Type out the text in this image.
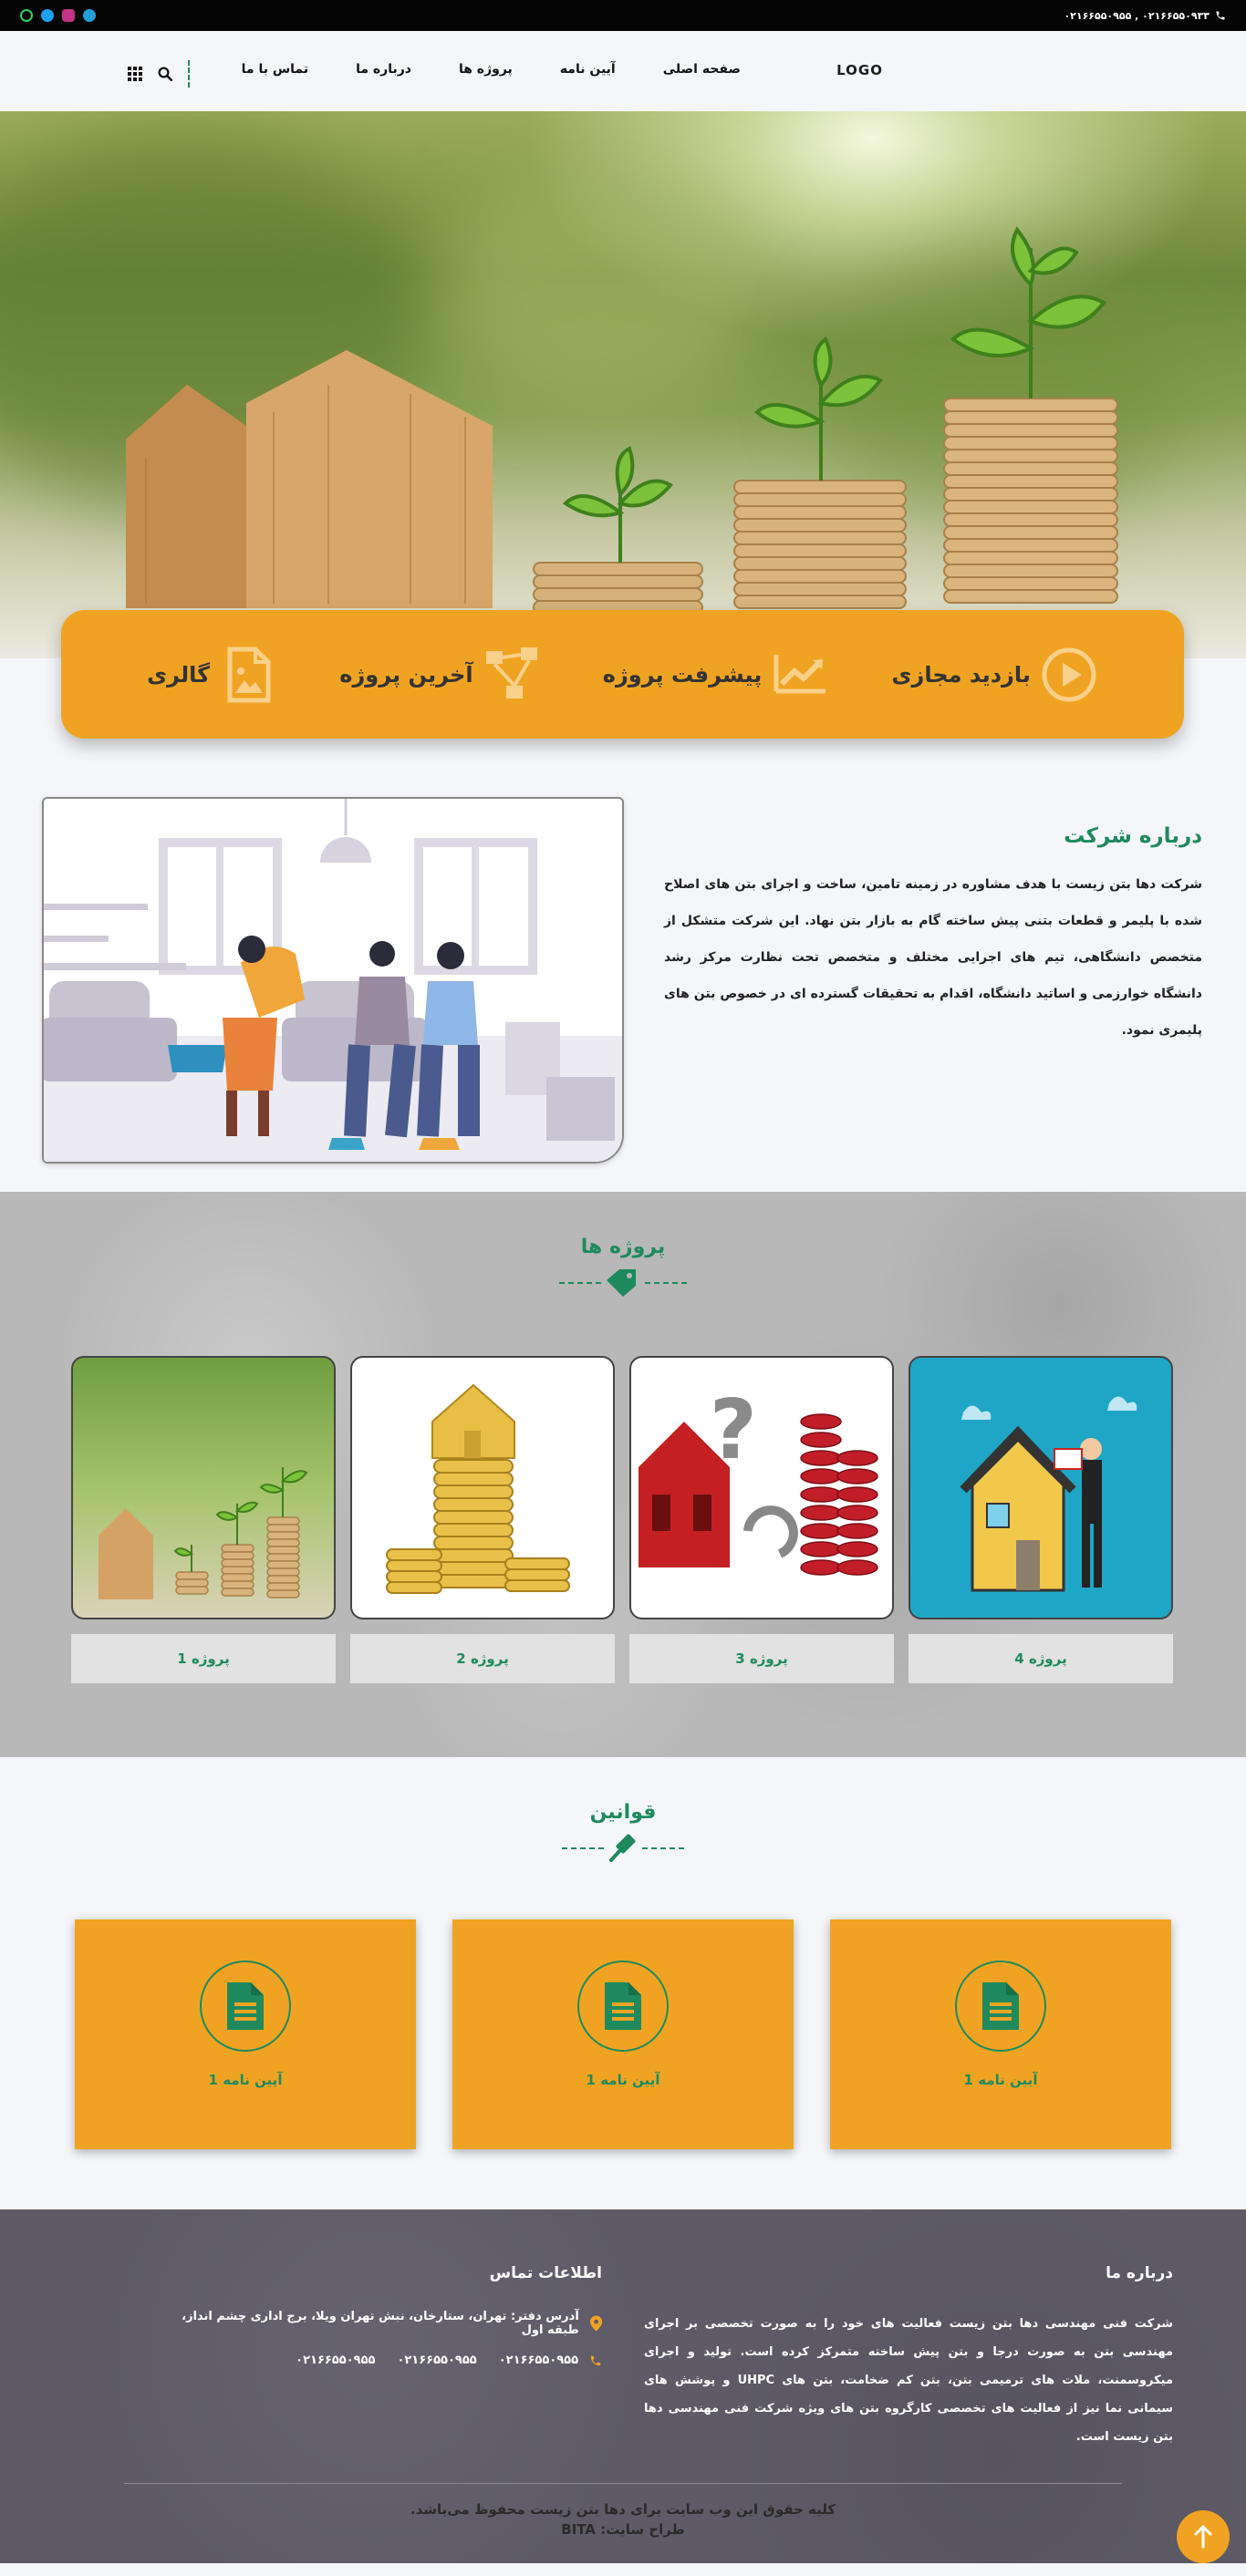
۰۲۱۶۶۵۵۰۹۳۳ , ۰۲۱۶۶۵۵۰۹۵۵
LOGO
صفحه اصلی
آیین نامه
پروژه ها
درباره ما
تماس با ما
بازدید مجازی
پیشرفت پروژه
آخرین پروژه
گالری
درباره شرکت
شرکت دها بتن زیست با هدف مشاوره در زمینه تامین، ساخت و اجرای بتن های اصلاح شده با پلیمر و قطعات بتنی پیش ساخته گام به بازار بتن نهاد. این شرکت متشکل از متخصص دانشگاهی، تیم های اجرایی مختلف و متخصص تحت نظارت مرکز رشد دانشگاه خوارزمی و اساتید دانشگاه، اقدام به تحقیقات گسترده ای در خصوص بتن های پلیمری نمود.
پروژه ها
پروژه 4
?
پروژه 3
پروژه 2
پروژه 1
قوانین
آیین نامه 1
آیین نامه 1
آیین نامه 1
درباره ما
شرکت فنی مهندسی دها بتن زیست فعالیت های خود را به صورت تخصصی بر اجرای مهندسی بتن به صورت درجا و بتن پیش ساخته متمرکز کرده است. تولید و اجرای میکروسمنت، ملات های ترمیمی بتن، بتن کم ضخامت، بتن های UHPC و پوشش های سیمانی نما نیز از فعالیت های تخصصی کارگروه بتن های ویژه شرکت فنی مهندسی دها بتن زیست است.
اطلاعات تماس
آدرس دفتر: تهران، ستارخان، نبش تهران ویلا، برج اداری چشم انداز، طبقه اول
۰۲۱۶۶۵۵۰۹۵۵
۰۲۱۶۶۵۵۰۹۵۵
۰۲۱۶۶۵۵۰۹۵۵
کلیه حقوق این وب سایت برای دها بتن زیست محفوظ می‌باشد.
طراح سایت: BITA
